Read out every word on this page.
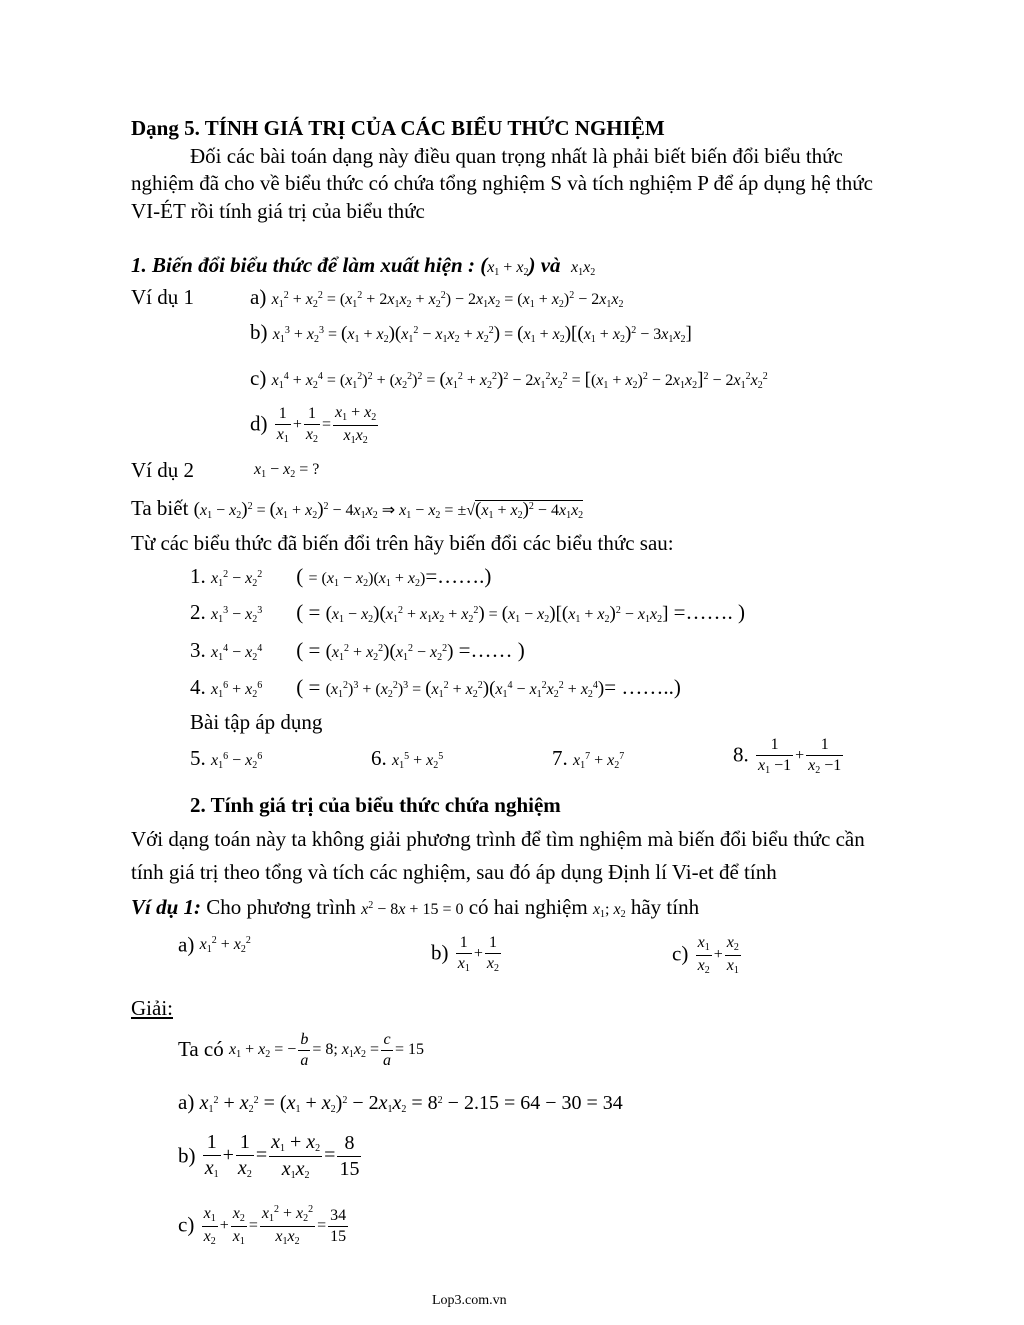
Dạng 5. TÍNH GIÁ TRỊ CỦA CÁC BIỂU THỨC NGHIỆM
Đối các bài toán dạng này điều quan trọng nhất là phải biết biến đổi biểu thức
nghiệm đã cho về biểu thức có chứa tổng nghiệm S và tích nghiệm P để áp dụng hệ thức
VI-ÉT rồi tính giá trị của biểu thức
1. Biến đổi biểu thức để làm xuất hiện : $(x_1 + x_2)$ và $x_1x_2$
Ví dụ 1	a) $x_1^2 + x_2^2 = (x_1^2 + 2x_1x_2 + x_2^2) - 2x_1x_2 = (x_1 + x_2)^2 - 2x_1x_2$
b) $x_1^3 + x_2^3 = (x_1 + x_2)(x_1^2 - x_1x_2 + x_2^2) = (x_1 + x_2)[(x_1 + x_2)^2 - 3x_1x_2]$
c) $x_1^4 + x_2^4 = (x_1^2)^2 + (x_2^2)^2 = (x_1^2 + x_2^2)^2 - 2x_1^2x_2^2 = [(x_1 + x_2)^2 - 2x_1x_2]^2 - 2x_1^2x_2^2$
$d) \frac{1}{x_1} + \frac{1}{x_2} = \frac{x_1 + x_2}{x_1x_2}$
Ví dụ 2	$x_1 - x_2$ = ?
Ta biết $(x_1 - x_2)^2 = (x_1 + x_2)^2 - 4x_1x_2$ ⇒ $x_1 - x_2 = \pm√(x_1 + x_2)^2 - 4x_1x_2$
Từ các biểu thức đã biến đổi trên hãy biến đổi các biểu thức sau:
1. $x_1^2 - x_2^2$ ( = $(x_1 - x_2)(x_1$ + $x_2)=\dots\dots$.)
2. $x_1^3 - x_2^3$ ( = $(x_1 - x_2)(x_1^2 + x_1x_2 + x_2^2) = (x_1 - x_2)[(x_1 + x_2)^2 - x_1x_2]$ =……. )
3. $x_1^4 - x_2^4$ ( = $(x_1^2 + x_2^2)(x_1^2 - x_2^2)$ =…… )
4. $x_1^6 + x_2^6$ ( = $(x_1^2)^3 + (x_2^2)^3 = (x_1^2 + x_2^2)(x_1^4 - x_1^2x_2^2 + x_2^4)=$ ……..)
Bài tập áp dụng
5. $x_1^6 - x_2^6$	6. $x_1^5 + x_2^5$	7. $x_1^7 + x_2^7$	8. $\frac{1}{x_1 -1} + \frac{1}{x_2 -1}$
2. Tính giá trị của biểu thức chứa nghiệm
Với dạng toán này ta không giải phương trình để tìm nghiệm mà biến đổi biểu thức cần
tính giá trị theo tổng và tích các nghiệm, sau đó áp dụng Định lí Vi-et để tính
Ví dụ 1: Cho phương trình $x^2 - 8x + 15 = 0$ có hai nghiệm $x_1$; $x_2$ hãy tính
a) $x_1^2 + x_2^2$
$b) \frac{1}{x_1} + \frac{1}{x_2}$	$c) \frac{x_1}{x_2} + \frac{x_2}{x_1}$
Giải:
Ta có $x_1 + x_2$ = − $\frac{b}{a} = 8$; $x_1x_2 = \frac{c}{a} = 15$
a) $x_1^2 + x_2^2 = (x_1 + x_2)^2 - 2x_1x_2 = 8^2 - 2.15 = 64 - 30 = 34$
$b) \frac{1}{x_1} + \frac{1}{x_2} = \frac{x_1 + x_2}{x_1x_2} = \frac{8}{15}$
$c) \frac{x_1}{x_2} + \frac{x_2}{x_1} = \frac{x_1^2 + x_2^2}{x_1x_2} = \frac{34}{15}$
Lop3.com.vn
